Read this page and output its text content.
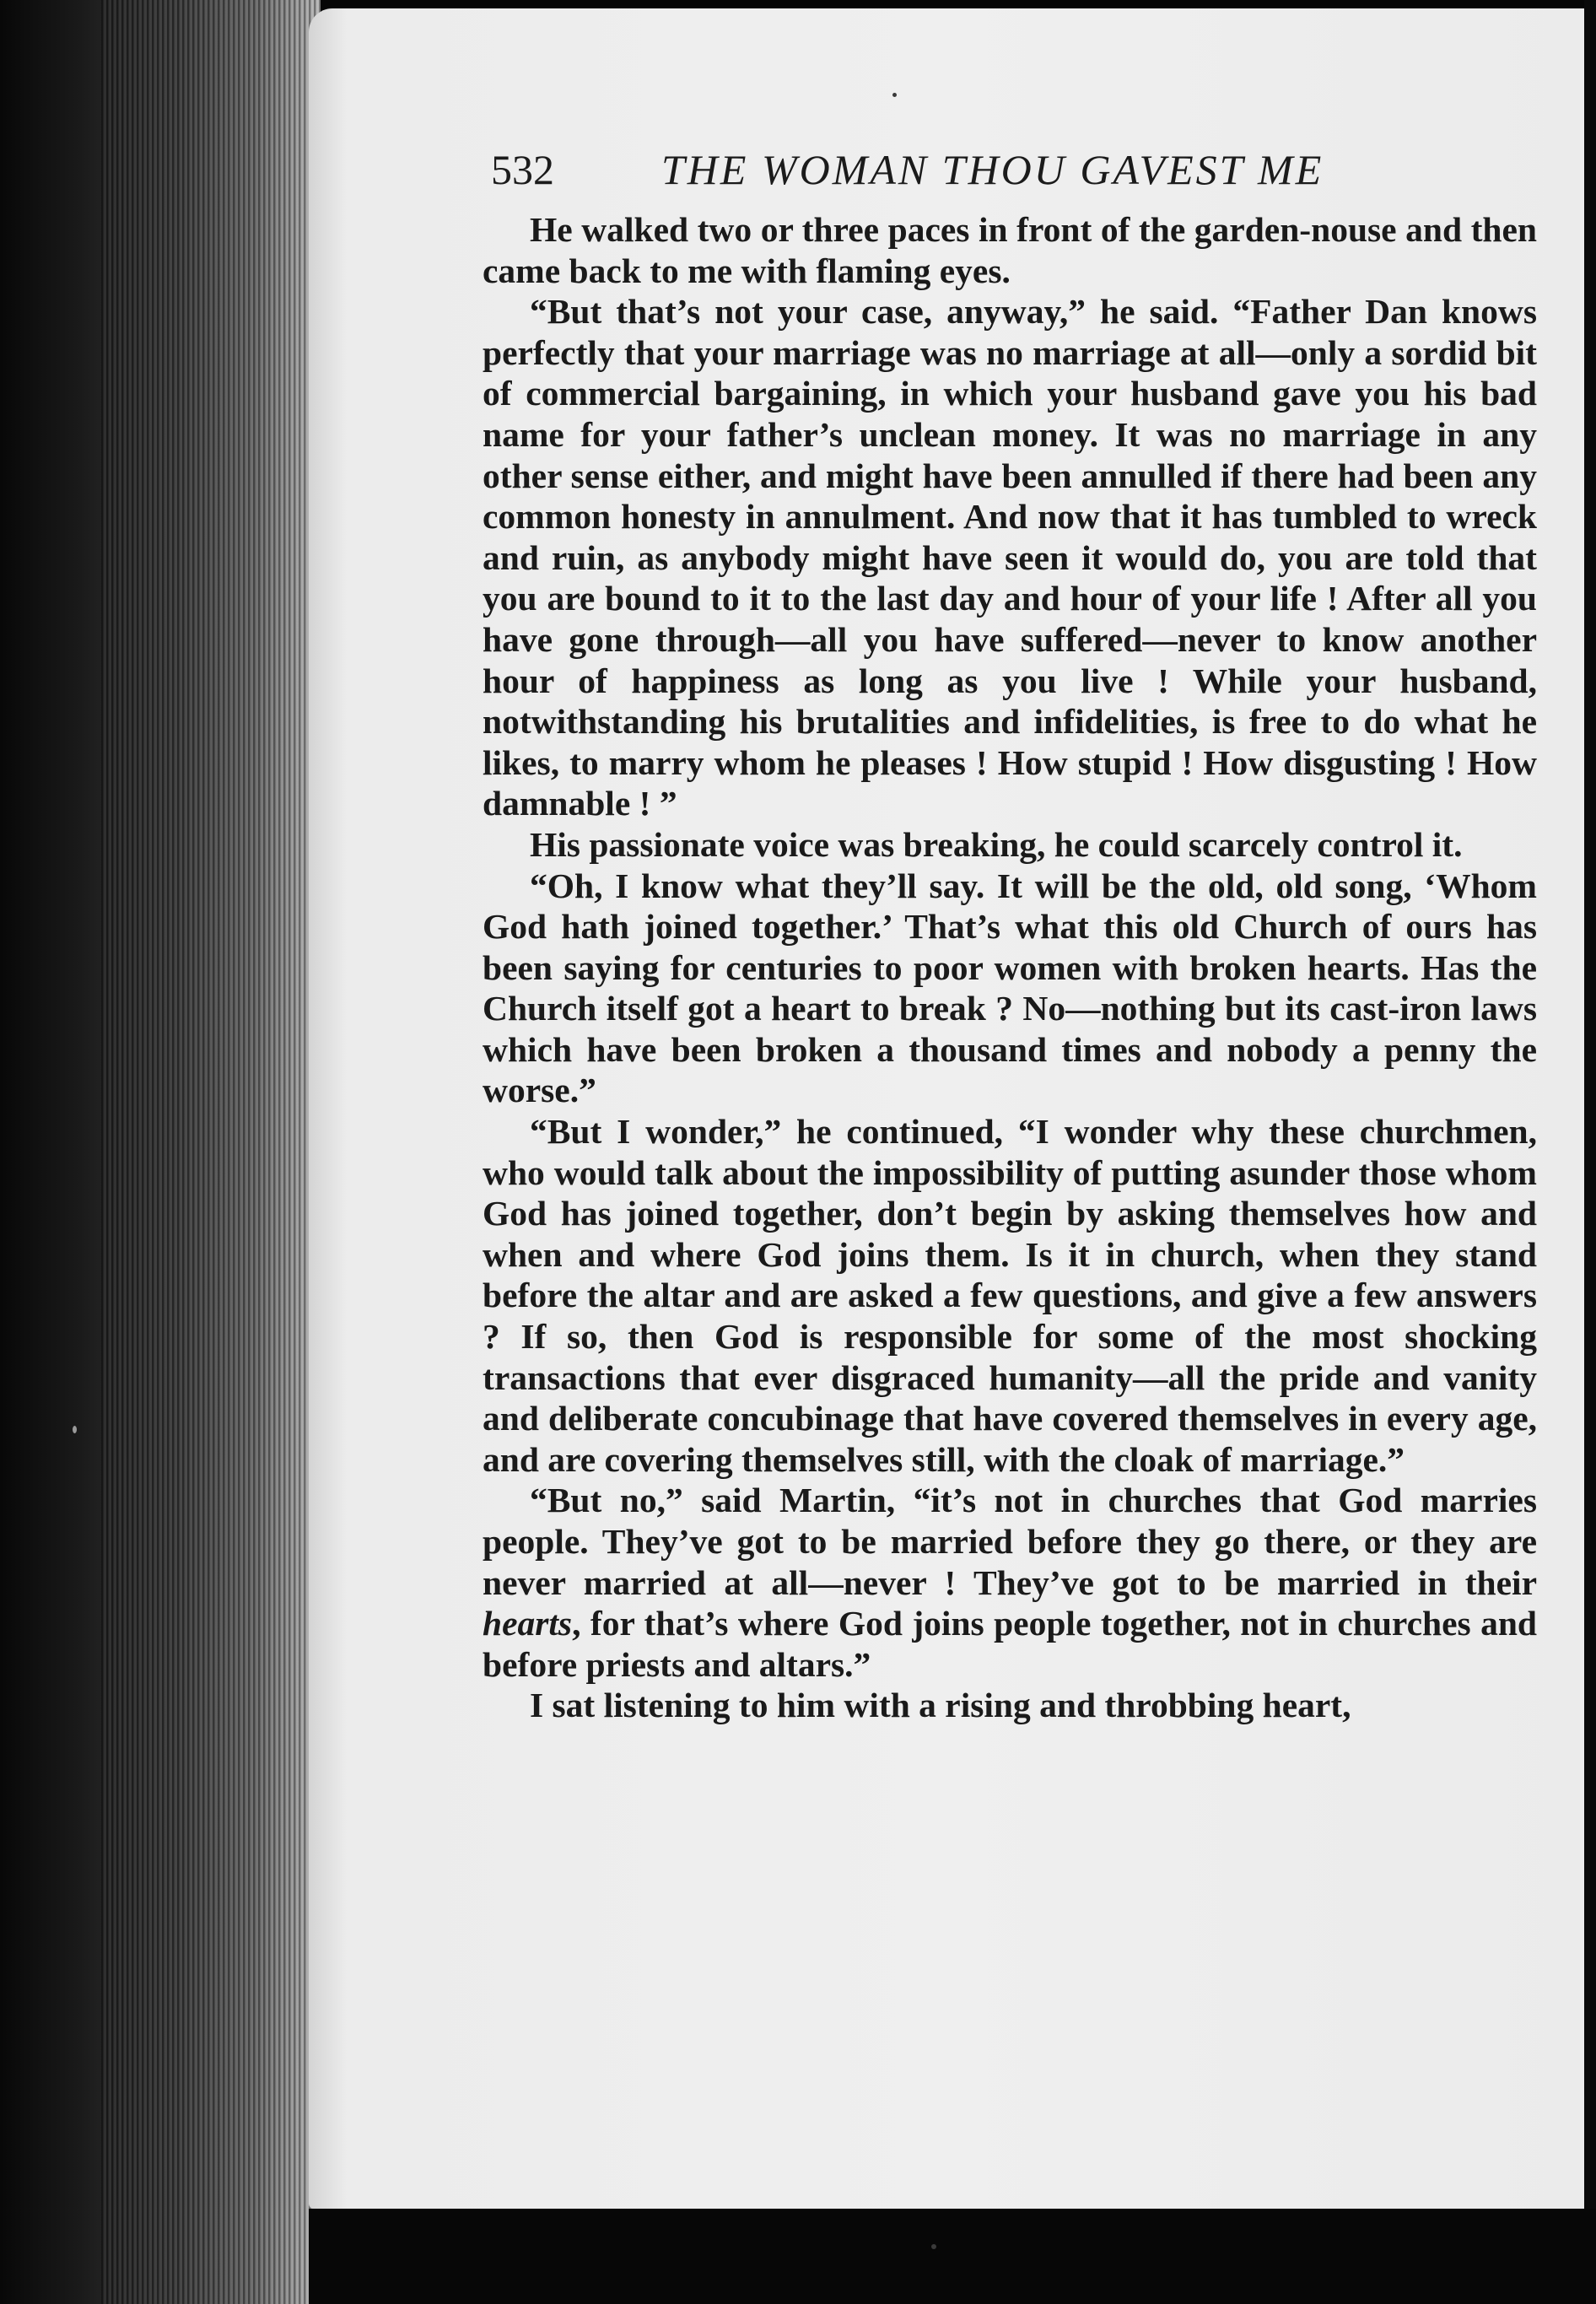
532	THE WOMAN THOU GAVEST ME

He walked two or three paces in front of the garden-nouse and then came back to me with flaming eyes.

“But that’s not your case, anyway,” he said. “Father Dan knows perfectly that your marriage was no marriage at all—only a sordid bit of commercial bargaining, in which your husband gave you his bad name for your father’s unclean money. It was no marriage in any other sense either, and might have been annulled if there had been any common honesty in annulment. And now that it has tumbled to wreck and ruin, as anybody might have seen it would do, you are told that you are bound to it to the last day and hour of your life ! After all you have gone through—all you have suffered—never to know another hour of happiness as long as you live ! While your husband, notwithstanding his brutalities and infidelities, is free to do what he likes, to marry whom he pleases ! How stupid ! How disgusting ! How damnable ! ”

His passionate voice was breaking, he could scarcely control it.

“Oh, I know what they’ll say. It will be the old, old song, ‘Whom God hath joined together.’ That’s what this old Church of ours has been saying for centuries to poor women with broken hearts. Has the Church itself got a heart to break ? No—nothing but its cast-iron laws which have been broken a thousand times and nobody a penny the worse.”

“But I wonder,” he continued, “I wonder why these churchmen, who would talk about the impossibility of putting asunder those whom God has joined together, don’t begin by asking themselves how and when and where God joins them. Is it in church, when they stand before the altar and are asked a few questions, and give a few answers ? If so, then God is responsible for some of the most shocking transactions that ever disgraced humanity—all the pride and vanity and deliberate concubinage that have covered themselves in every age, and are covering themselves still, with the cloak of marriage.”

“But no,” said Martin, “it’s not in churches that God marries people. They’ve got to be married before they go there, or they are never married at all—never ! They’ve got to be married in their hearts, for that’s where God joins people together, not in churches and before priests and altars.”

I sat listening to him with a rising and throbbing heart,
